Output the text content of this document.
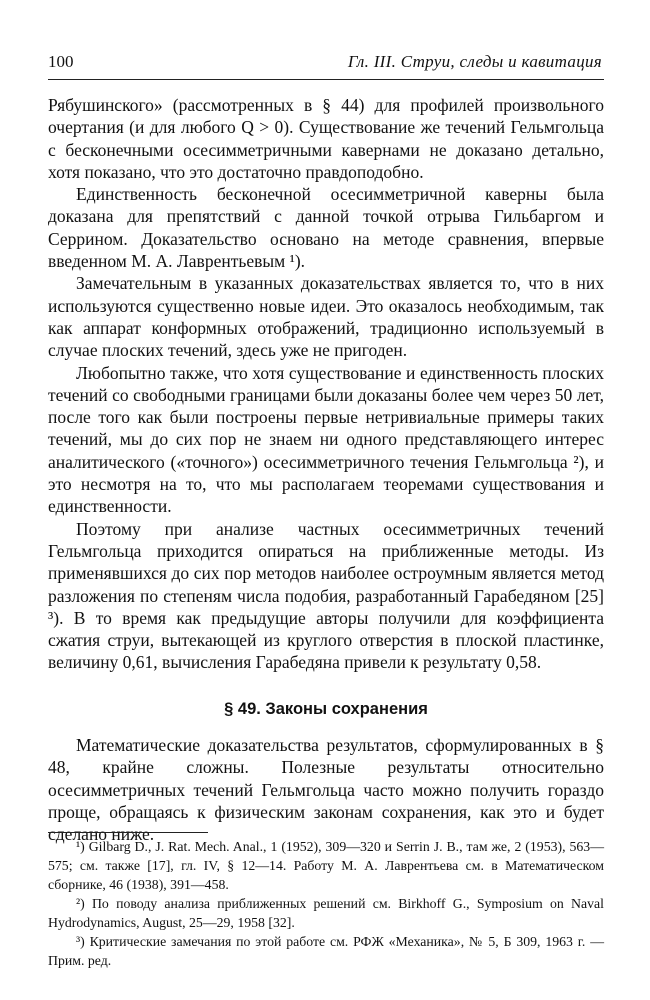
100	Гл. III. Струи, следы и кавитация

Рябушинского» (рассмотренных в § 44) для профилей произвольного очертания (и для любого Q > 0). Существование же течений Гельмгольца с бесконечными осесимметричными кавернами не доказано детально, хотя показано, что это достаточно правдоподобно.

Единственность бесконечной осесимметричной каверны была доказана для препятствий с данной точкой отрыва Гильбаргом и Серрином. Доказательство основано на методе сравнения, впервые введенном М. А. Лаврентьевым ¹).

Замечательным в указанных доказательствах является то, что в них используются существенно новые идеи. Это оказалось необходимым, так как аппарат конформных отображений, традиционно используемый в случае плоских течений, здесь уже не пригоден.

Любопытно также, что хотя существование и единственность плоских течений со свободными границами были доказаны более чем через 50 лет, после того как были построены первые нетривиальные примеры таких течений, мы до сих пор не знаем ни одного представляющего интерес аналитического («точного») осесимметричного течения Гельмгольца ²), и это несмотря на то, что мы располагаем теоремами существования и единственности.

Поэтому при анализе частных осесимметричных течений Гельмгольца приходится опираться на приближенные методы. Из применявшихся до сих пор методов наиболее остроумным является метод разложения по степеням числа подобия, разработанный Гарабедяном [25] ³). В то время как предыдущие авторы получили для коэффициента сжатия струи, вытекающей из круглого отверстия в плоской пластинке, величину 0,61, вычисления Гарабедяна привели к результату 0,58.

§ 49. Законы сохранения

Математические доказательства результатов, сформулированных в § 48, крайне сложны. Полезные результаты относительно осесимметричных течений Гельмгольца часто можно получить гораздо проще, обращаясь к физическим законам сохранения, как это и будет сделано ниже.

¹) Gilbarg D., J. Rat. Mech. Anal., 1 (1952), 309—320 и Serrin J. B., там же, 2 (1953), 563—575; см. также [17], гл. IV, § 12—14. Работу М. А. Лаврентьева см. в Математическом сборнике, 46 (1938), 391—458.

²) По поводу анализа приближенных решений см. Birkhoff G., Symposium on Naval Hydrodynamics, August, 25—29, 1958 [32].

³) Критические замечания по этой работе см. РФЖ «Механика», № 5, Б 309, 1963 г. — Прим. ред.
